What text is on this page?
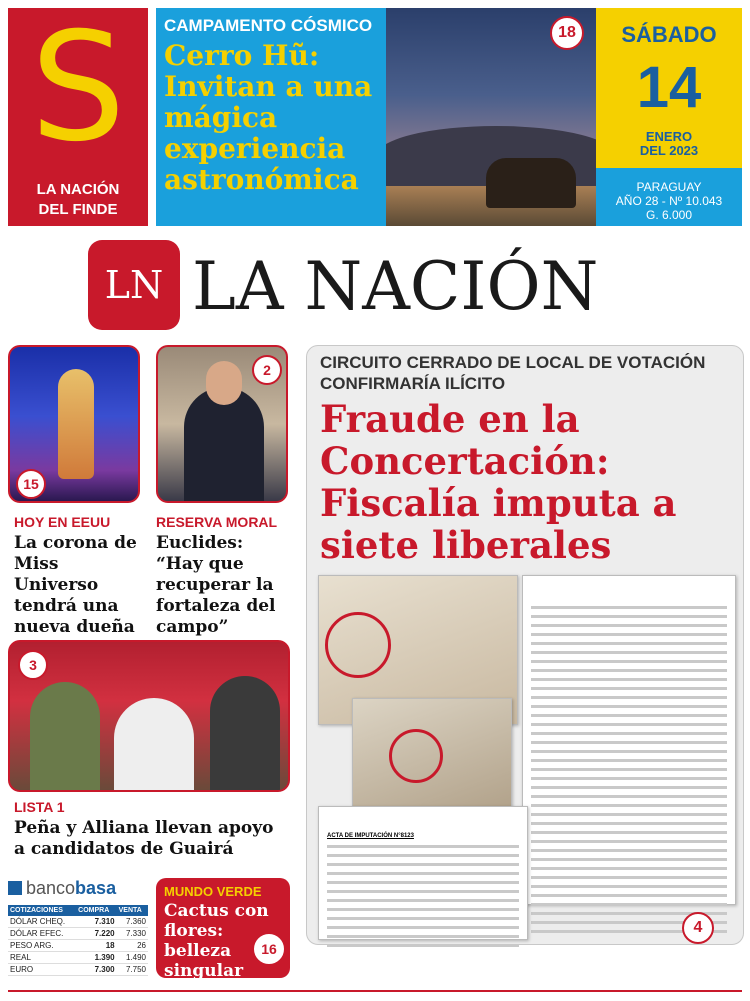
S
LA NACIÓN
DEL FINDE
CAMPAMENTO CÓSMICO
Cerro Hũ: Invitan a una mágica experiencia astronómica
18	SÁBADO
14
ENERO
DEL 2023
PARAGUAY
AÑO 28 - Nº 10.043
G. 6.000
LN LA NACIÓN
15
HOY EN EEUU
La corona de Miss Universo tendrá una nueva dueña
2
RESERVA MORAL
Euclides: “Hay que recuperar la fortaleza del campo”
3
LISTA 1
Peña y Alliana llevan apoyo a candidatos de Guairá
CIRCUITO CERRADO DE LOCAL DE VOTACIÓN CONFIRMARÍA ILÍCITO
Fraude en la Concertación: Fiscalía imputa a siete liberales
ACTA DE IMPUTACIÓN N°8123
4
bancobasa
COTIZACIONES	COMPRA	VENTA
DÓLAR CHEQ.	7.310	7.360
DÓLAR EFEC.	7.220	7.330
PESO ARG.	18	26
REAL	1.390	1.490
EURO	7.300	7.750
MUNDO VERDE
Cactus con flores: belleza singular
16
